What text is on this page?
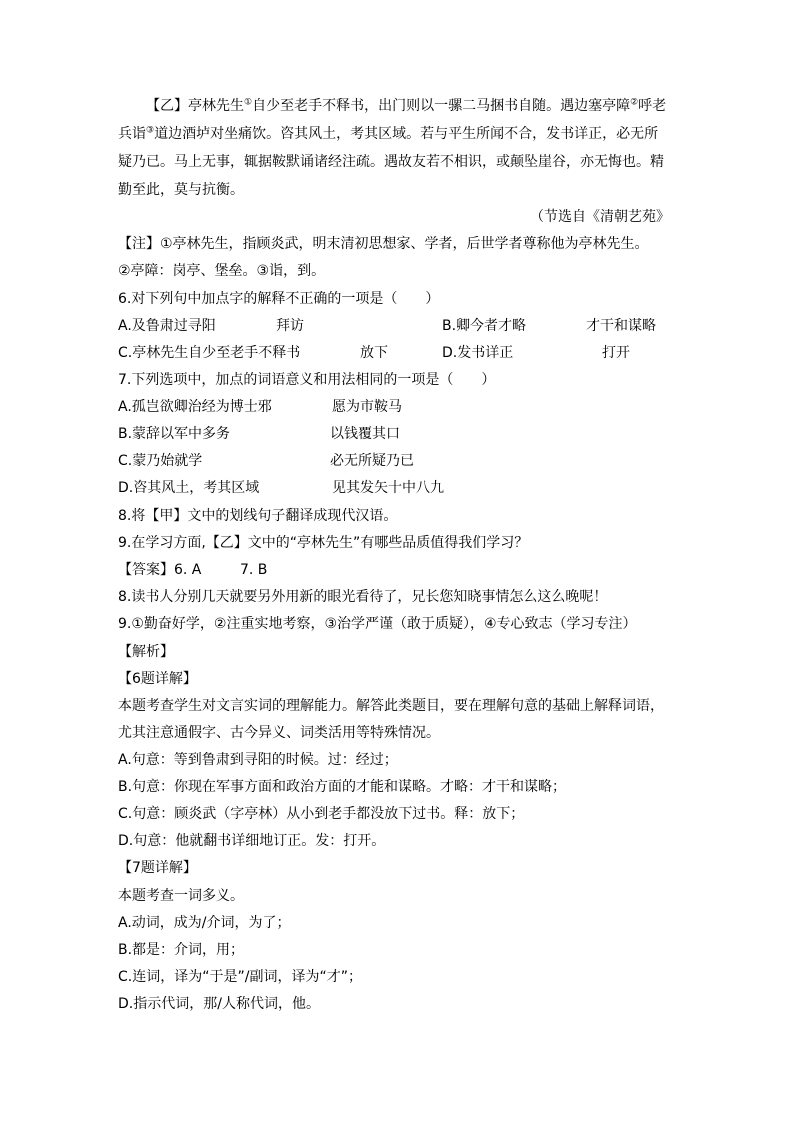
【乙】亭林先生①自少至老手不释书，出门则以一骡二马捆书自随。遇边塞亭障②呼老
兵诣③道边酒垆对坐痛饮。咨其风土，考其区域。若与平生所闻不合，发书详正，必无所
疑乃已。马上无事，辄据鞍默诵诸经注疏。遇故友若不相识，或颠坠崖谷，亦无悔也。精
勤至此，莫与抗衡。
（节选自《清朝艺苑》
【注】①亭林先生，指顾炎武，明末清初思想家、学者，后世学者尊称他为亭林先生。
②亭障：岗亭、堡垒。③诣，到。
6.对下列句中加点字的解释不正确的一项是（　　）
A.及鲁肃过寻阳	拜访	B.卿今者才略	才干和谋略
C.亭林先生自少至老手不释书	放下	D.发书详正	打开
7.下列选项中，加点的词语意义和用法相同的一项是（　　）
A.孤岂欲卿治经为博士邪	愿为市鞍马
B.蒙辞以军中多务	以钱覆其口
C.蒙乃始就学	必无所疑乃已
D.咨其风土，考其区域	见其发矢十中八九
8.将【甲】文中的划线句子翻译成现代汉语。
9.在学习方面,【乙】文中的“亭林先生”有哪些品质值得我们学习？
【答案】 6. A	7. B
8.读书人分别几天就要另外用新的眼光看待了，兄长您知晓事情怎么这么晚呢！
9.①勤奋好学，②注重实地考察，③治学严谨（敢于质疑），④专心致志（学习专注）
【解析】
【6题详解】
本题考查学生对文言实词的理解能力。解答此类题目，要在理解句意的基础上解释词语，
尤其注意通假字、古今异义、词类活用等特殊情况。
A.句意：等到鲁肃到寻阳的时候。过：经过；
B.句意：你现在军事方面和政治方面的才能和谋略。才略：才干和谋略；
C.句意：顾炎武（字亭林）从小到老手都没放下过书。释：放下；
D.句意：他就翻书详细地订正。发：打开。
【7题详解】
本题考查一词多义。
A.动词，成为/介词，为了；
B.都是：介词，用；
C.连词，译为“于是”/副词，译为“才”；
D.指示代词，那/人称代词，他。
